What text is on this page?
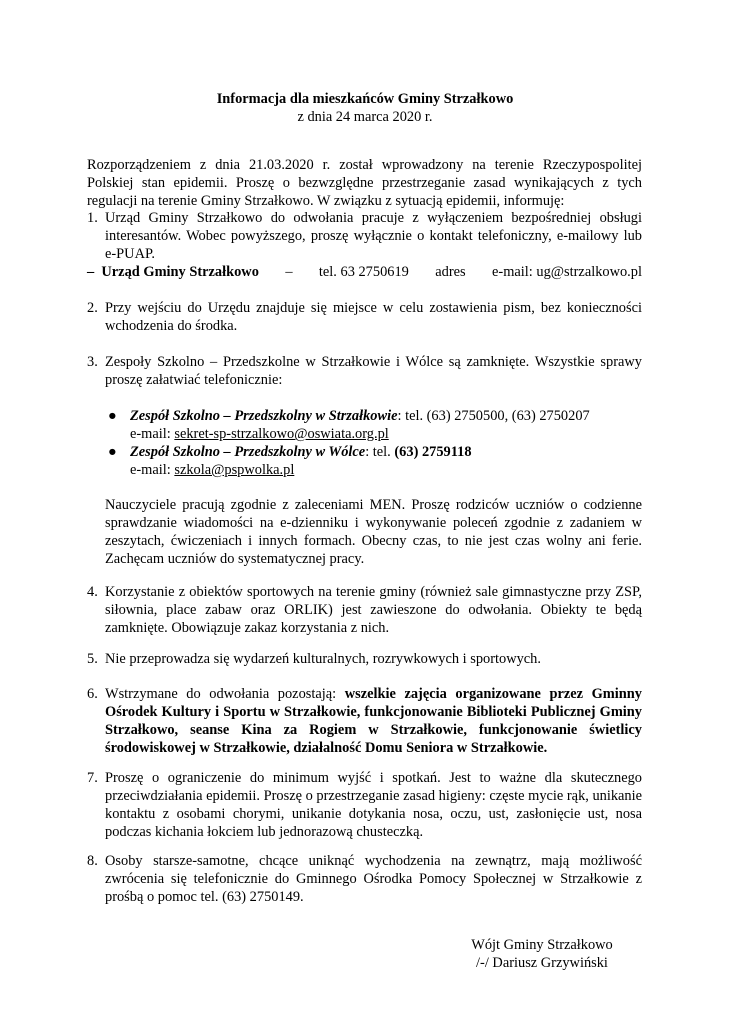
Informacja dla mieszkańców Gminy Strzałkowo
z dnia 24 marca 2020 r.
Rozporządzeniem z dnia 21.03.2020 r. został wprowadzony na terenie Rzeczypospolitej Polskiej stan epidemii. Proszę o bezwzględne przestrzeganie zasad wynikających z tych regulacji na terenie Gminy Strzałkowo. W związku z sytuacją epidemii, informuję:
1. Urząd Gminy Strzałkowo do odwołania pracuje z wyłączeniem bezpośredniej obsługi interesantów. Wobec powyższego, proszę wyłącznie o kontakt telefoniczny, e-mailowy lub e-PUAP.
– Urząd Gminy Strzałkowo – tel. 63 2750619 adres e-mail: ug@strzalkowo.pl
2. Przy wejściu do Urzędu znajduje się miejsce w celu zostawienia pism, bez konieczności wchodzenia do środka.
3. Zespoły Szkolno – Przedszkolne w Strzałkowie i Wólce są zamknięte. Wszystkie sprawy proszę załatwiać telefonicznie:
● Zespół Szkolno – Przedszkolny w Strzałkowie: tel. (63) 2750500, (63) 2750207
e-mail: sekret-sp-strzalkowo@oswiata.org.pl
● Zespół Szkolno – Przedszkolny w Wólce: tel. (63) 2759118
e-mail: szkola@pspwolka.pl
Nauczyciele pracują zgodnie z zaleceniami MEN. Proszę rodziców uczniów o codzienne sprawdzanie wiadomości na e-dzienniku i wykonywanie poleceń zgodnie z zadaniem w zeszytach, ćwiczeniach i innych formach. Obecny czas, to nie jest czas wolny ani ferie. Zachęcam uczniów do systematycznej pracy.
4. Korzystanie z obiektów sportowych na terenie gminy (również sale gimnastyczne przy ZSP, siłownia, place zabaw oraz ORLIK) jest zawieszone do odwołania. Obiekty te będą zamknięte. Obowiązuje zakaz korzystania z nich.
5. Nie przeprowadza się wydarzeń kulturalnych, rozrywkowych i sportowych.
6. Wstrzymane do odwołania pozostają: wszelkie zajęcia organizowane przez Gminny Ośrodek Kultury i Sportu w Strzałkowie, funkcjonowanie Biblioteki Publicznej Gminy Strzałkowo, seanse Kina za Rogiem w Strzałkowie, funkcjonowanie świetlicy środowiskowej w Strzałkowie, działalność Domu Seniora w Strzałkowie.
7. Proszę o ograniczenie do minimum wyjść i spotkań. Jest to ważne dla skutecznego przeciwdziałania epidemii. Proszę o przestrzeganie zasad higieny: częste mycie rąk, unikanie kontaktu z osobami chorymi, unikanie dotykania nosa, oczu, ust, zasłonięcie ust, nosa podczas kichania łokciem lub jednorazową chusteczką.
8. Osoby starsze-samotne, chcące uniknąć wychodzenia na zewnątrz, mają możliwość zwrócenia się telefonicznie do Gminnego Ośrodka Pomocy Społecznej w Strzałkowie z prośbą o pomoc tel. (63) 2750149.
Wójt Gminy Strzałkowo
/-/ Dariusz Grzywiński
